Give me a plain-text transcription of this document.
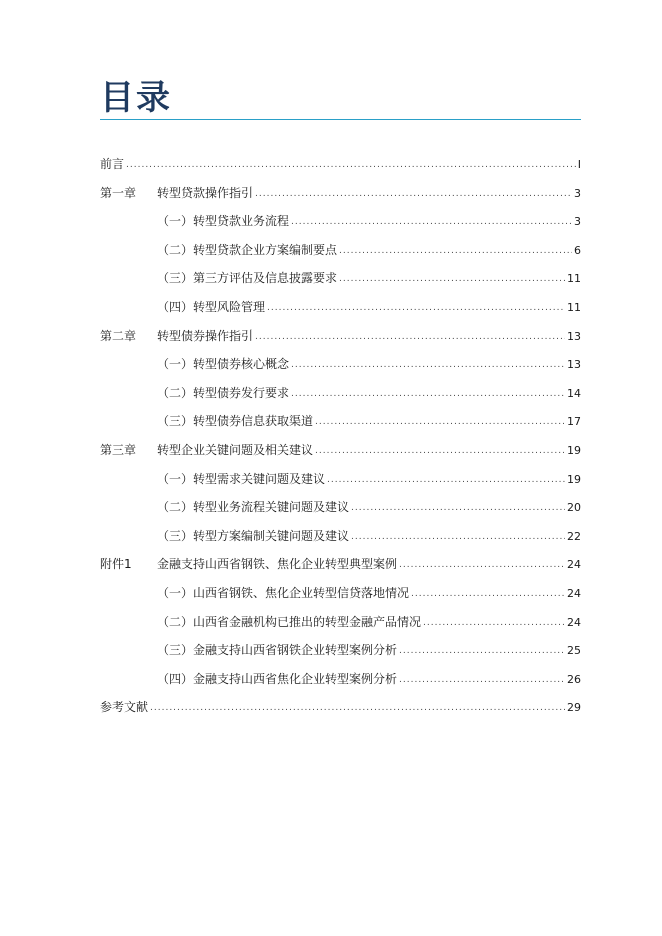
目录
前言 .....	I
第一章	转型贷款操作指引 .....	3
（一）转型贷款业务流程 .....	3
（二）转型贷款企业方案编制要点 .....	6
（三）第三方评估及信息披露要求 .....	11
（四）转型风险管理 .....	11
第二章	转型债券操作指引 .....	13
（一）转型债券核心概念 .....	13
（二）转型债券发行要求 .....	14
（三）转型债券信息获取渠道 .....	17
第三章	转型企业关键问题及相关建议 .....	19
（一）转型需求关键问题及建议 .....	19
（二）转型业务流程关键问题及建议 .....	20
（三）转型方案编制关键问题及建议 .....	22
附件1	金融支持山西省钢铁、焦化企业转型典型案例 .....	24
（一）山西省钢铁、焦化企业转型信贷落地情况 .....	24
（二）山西省金融机构已推出的转型金融产品情况 .....	24
（三）金融支持山西省钢铁企业转型案例分析 .....	25
（四）金融支持山西省焦化企业转型案例分析 .....	26
参考文献 .....	29
